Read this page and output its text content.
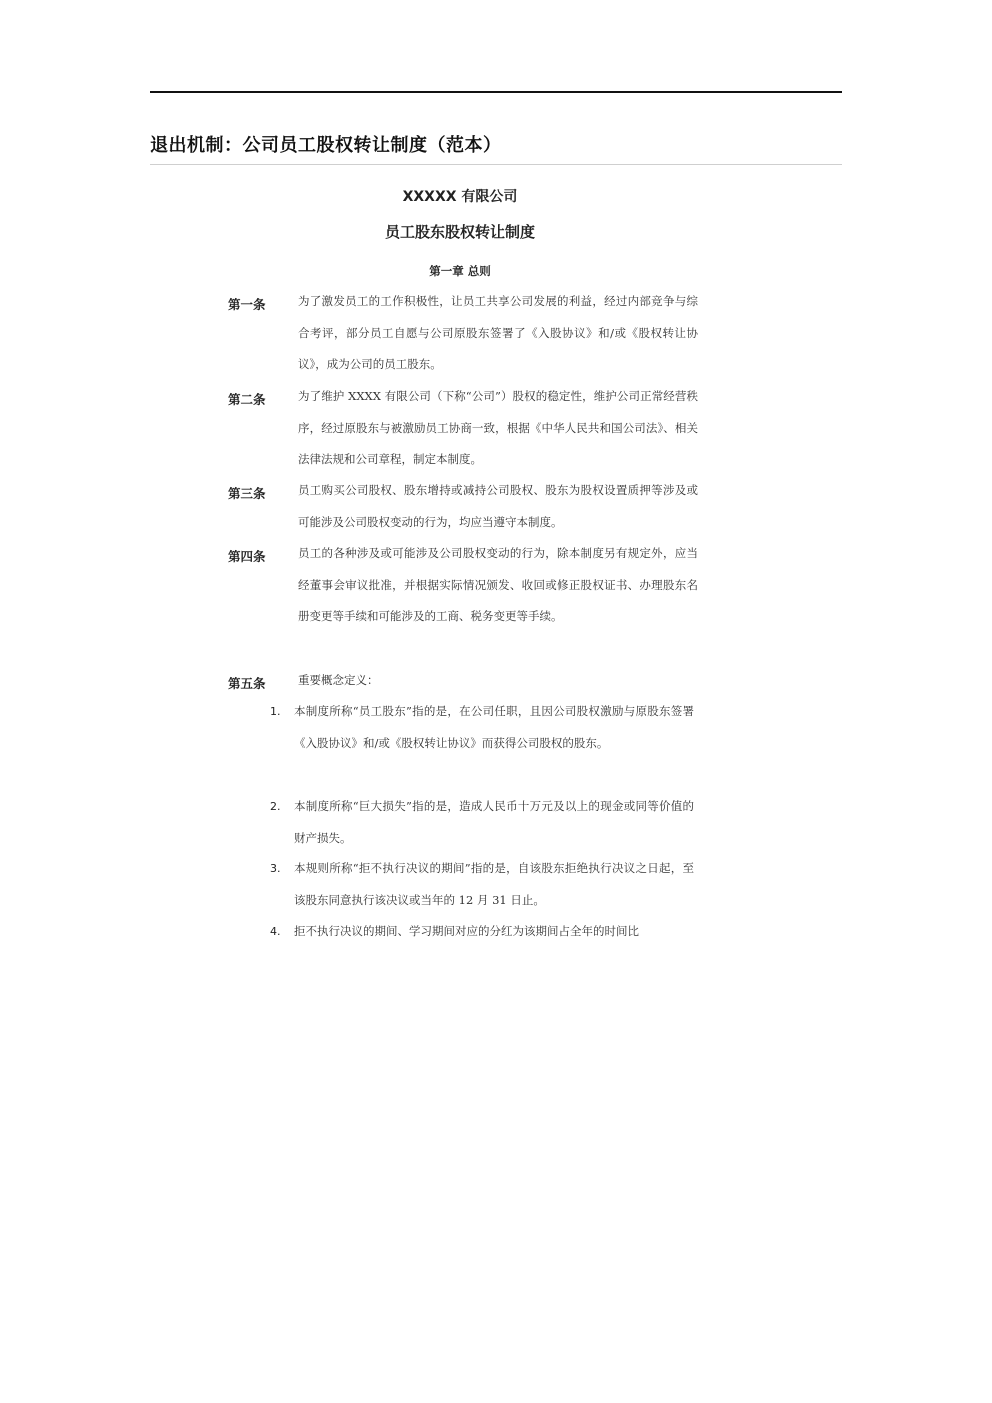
退出机制：公司员工股权转让制度（范本）
XXXXX 有限公司
员工股东股权转让制度
第一章 总则
第一条	为了激发员工的工作积极性，让员工共享公司发展的利益，经过内部竞争与综合考评，部分员工自愿与公司原股东签署了《入股协议》和/或《股权转让协议》，成为公司的员工股东。
第二条	为了维护 XXXX 有限公司（下称“公司”）股权的稳定性，维护公司正常经营秩序，经过原股东与被激励员工协商一致，根据《中华人民共和国公司法》、相关法律法规和公司章程，制定本制度。
第三条	员工购买公司股权、股东增持或减持公司股权、股东为股权设置质押等涉及或可能涉及公司股权变动的行为，均应当遵守本制度。
第四条	员工的各种涉及或可能涉及公司股权变动的行为，除本制度另有规定外，应当经董事会审议批准，并根据实际情况颁发、收回或修正股权证书、办理股东名册变更等手续和可能涉及的工商、税务变更等手续。
第五条	重要概念定义：
1.	本制度所称“员工股东”指的是，在公司任职，且因公司股权激励与原股东签署《入股协议》和/或《股权转让协议》而获得公司股权的股东。
2.	本制度所称“巨大损失”指的是，造成人民币十万元及以上的现金或同等价值的财产损失。
3.	本规则所称“拒不执行决议的期间”指的是，自该股东拒绝执行决议之日起，至该股东同意执行该决议或当年的 12 月 31 日止。
4.	拒不执行决议的期间、学习期间对应的分红为该期间占全年的时间比
